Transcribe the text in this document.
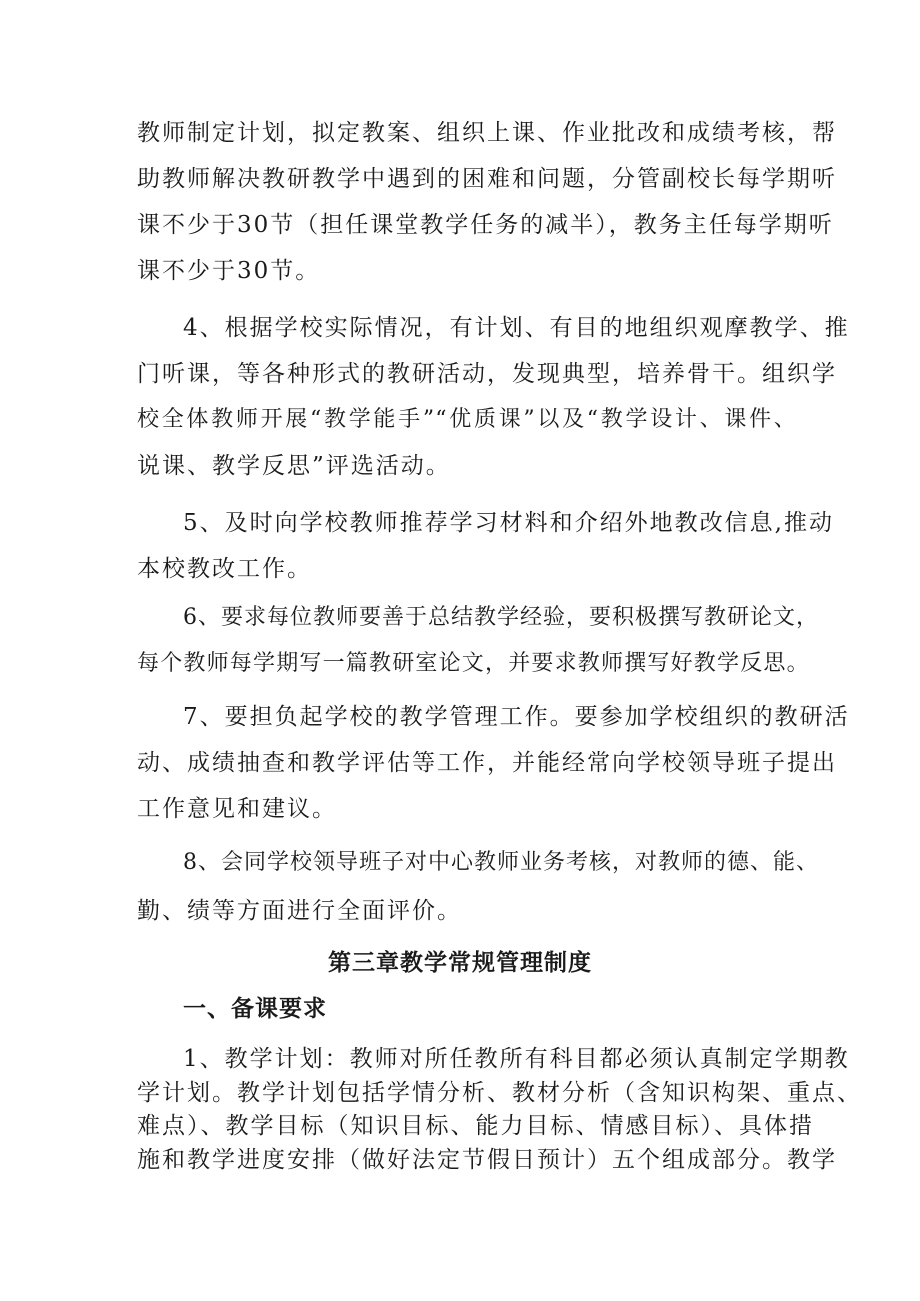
教师制定计划，拟定教案、组织上课、作业批改和成绩考核，帮
助教师解决教研教学中遇到的困难和问题，分管副校长每学期听
课不少于30节（担任课堂教学任务的减半），教务主任每学期听
课不少于30节。
4、根据学校实际情况，有计划、有目的地组织观摩教学、推
门听课，等各种形式的教研活动，发现典型，培养骨干。组织学
校全体教师开展“教学能手”“优质课”以及“教学设计、课件、
说课、教学反思”评选活动。
5、及时向学校教师推荐学习材料和介绍外地教改信息,推动
本校教改工作。
6、要求每位教师要善于总结教学经验，要积极撰写教研论文，
每个教师每学期写一篇教研室论文，并要求教师撰写好教学反思。
7、要担负起学校的教学管理工作。要参加学校组织的教研活
动、成绩抽查和教学评估等工作，并能经常向学校领导班子提出
工作意见和建议。
8、会同学校领导班子对中心教师业务考核，对教师的德、能、
勤、绩等方面进行全面评价。
第三章教学常规管理制度
一、备课要求
1、教学计划：教师对所任教所有科目都必须认真制定学期教
学计划。教学计划包括学情分析、教材分析（含知识构架、重点、
难点）、教学目标（知识目标、能力目标、情感目标）、具体措
施和教学进度安排（做好法定节假日预计）五个组成部分。教学
